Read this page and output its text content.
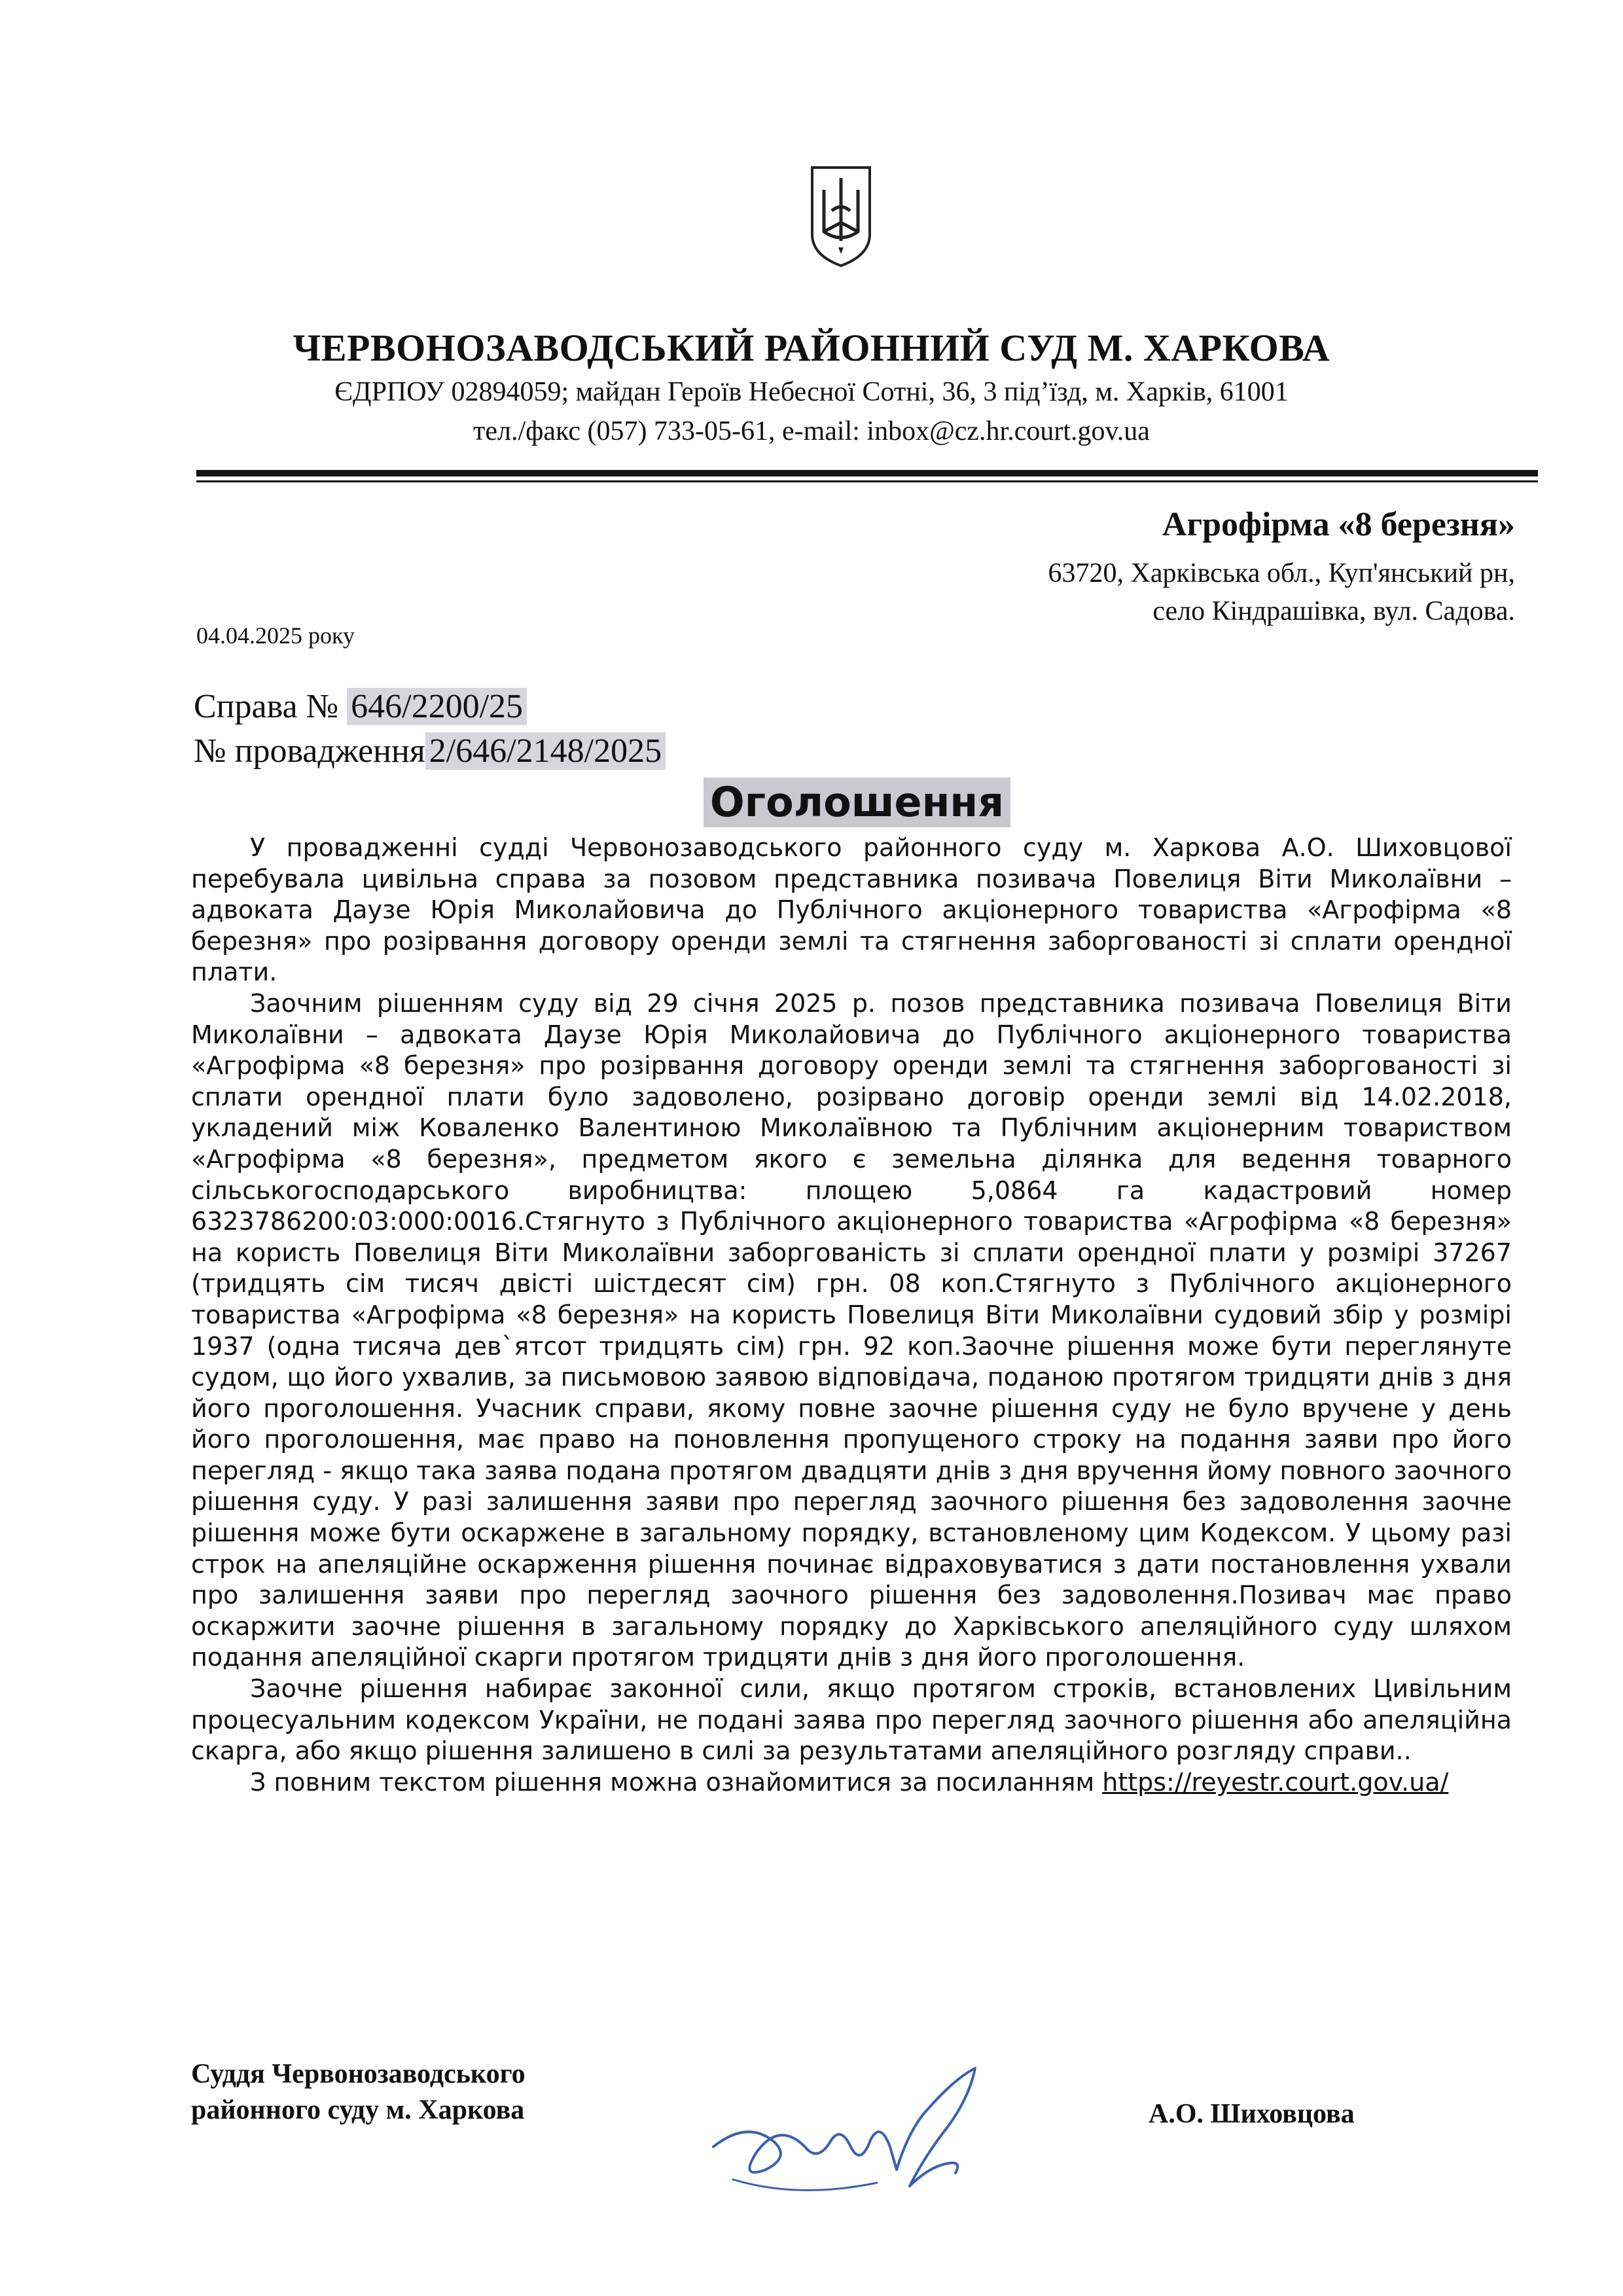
ЧЕРВОНОЗАВОДСЬКИЙ РАЙОННИЙ СУД М. ХАРКОВА
ЄДРПОУ 02894059; майдан Героїв Небесної Сотні, 36, 3 під’їзд, м. Харків, 61001
тел./факс (057) 733-05-61, e-mail: inbox@cz.hr.court.gov.ua
Агрофірма «8 березня»
63720, Харківська обл., Куп'янський рн,
село Кіндрашівка, вул. Садова.
04.04.2025 року
Справа № 646/2200/25
№ провадження 2/646/2148/2025
Оголошення

У провадженні судді Червонозаводського районного суду м. Харкова А.О. Шиховцової перебувала цивільна справа за позовом представника позивача Повелиця Віти Миколаївни – адвоката Даузе Юрія Миколайовича до Публічного акціонерного товариства «Агрофірма «8 березня» про розірвання договору оренди землі та стягнення заборгованості зі сплати орендної плати.

Заочним рішенням суду від 29 січня 2025 р. позов представника позивача Повелиця Віти Миколаївни – адвоката Даузе Юрія Миколайовича до Публічного акціонерного товариства «Агрофірма «8 березня» про розірвання договору оренди землі та стягнення заборгованості зі сплати орендної плати було задоволено, розірвано договір оренди землі від 14.02.2018, укладений між Коваленко Валентиною Миколаївною та Публічним акціонерним товариством «Агрофірма «8 березня», предметом якого є земельна ділянка для ведення товарного сільськогосподарського виробництва: площею 5,0864 га кадастровий номер 6323786200:03:000:0016.Стягнуто з Публічного акціонерного товариства «Агрофірма «8 березня» на користь Повелиця Віти Миколаївни заборгованість зі сплати орендної плати у розмірі 37267 (тридцять сім тисяч двісті шістдесят сім) грн. 08 коп.Стягнуто з Публічного акціонерного товариства «Агрофірма «8 березня» на користь Повелиця Віти Миколаївни судовий збір у розмірі 1937 (одна тисяча дев`ятсот тридцять сім) грн. 92 коп.Заочне рішення може бути переглянуте судом, що його ухвалив, за письмовою заявою відповідача, поданою протягом тридцяти днів з дня його проголошення. Учасник справи, якому повне заочне рішення суду не було вручене у день його проголошення, має право на поновлення пропущеного строку на подання заяви про його перегляд - якщо така заява подана протягом двадцяти днів з дня вручення йому повного заочного рішення суду. У разі залишення заяви про перегляд заочного рішення без задоволення заочне рішення може бути оскаржене в загальному порядку, встановленому цим Кодексом. У цьому разі строк на апеляційне оскарження рішення починає відраховуватися з дати постановлення ухвали про залишення заяви про перегляд заочного рішення без задоволення.Позивач має право оскаржити заочне рішення в загальному порядку до Харківського апеляційного суду шляхом подання апеляційної скарги протягом тридцяти днів з дня його проголошення.

Заочне рішення набирає законної сили, якщо протягом строків, встановлених Цивільним процесуальним кодексом України, не подані заява про перегляд заочного рішення або апеляційна скарга, або якщо рішення залишено в силі за результатами апеляційного розгляду справи..

З повним текстом рішення можна ознайомитися за посиланням https://reyestr.court.gov.ua/

Суддя Червонозаводського
районного суду м. Харкова	А.О. Шиховцова
